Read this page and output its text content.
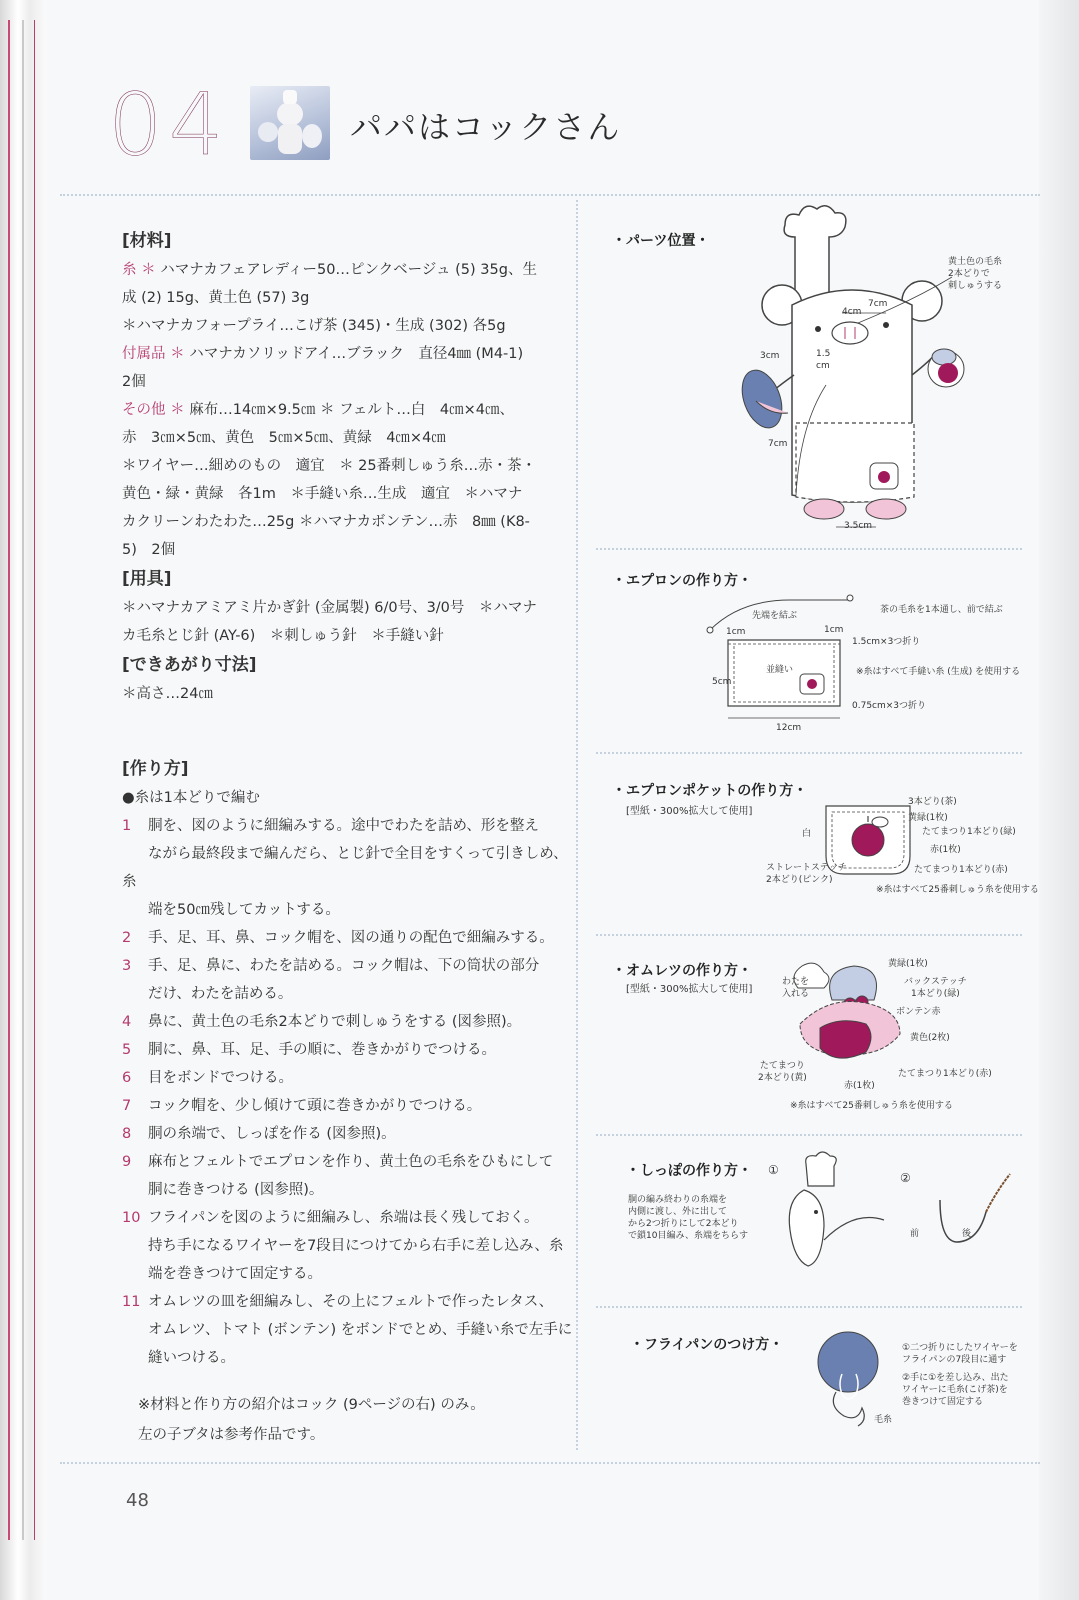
04	パパはコックさん
[材料]
糸 ＊ ハマナカフェアレディー50…ピンクベージュ (5) 35g、生
成 (2) 15g、黄土色 (57) 3g
＊ハマナカフォープライ…こげ茶 (345)・生成 (302) 各5g
付属品 ＊ ハマナカソリッドアイ…ブラック　直径4㎜ (M4-1)
2個
その他 ＊ 麻布…14㎝×9.5㎝ ＊ フェルト…白　4㎝×4㎝、
赤　3㎝×5㎝、黄色　5㎝×5㎝、黄緑　4㎝×4㎝
＊ワイヤー…細めのもの　適宜　＊ 25番刺しゅう糸…赤・茶・
黄色・緑・黄緑　各1m　＊手縫い糸…生成　適宜　＊ハマナ
カクリーンわたわた…25g ＊ハマナカボンテン…赤　8㎜ (K8-
5)　2個
[用具]
＊ハマナカアミアミ片かぎ針 (金属製) 6/0号、3/0号　＊ハマナ
カ毛糸とじ針 (AY-6)　＊刺しゅう針　＊手縫い針
[できあがり寸法]
＊高さ…24㎝
[作り方]
●糸は1本どりで編む
1 胴を、図のように細編みする。途中でわたを詰め、形を整え
ながら最終段まで編んだら、とじ針で全目をすくって引きしめ、糸
端を50㎝残してカットする。
2 手、足、耳、鼻、コック帽を、図の通りの配色で細編みする。
3 手、足、鼻に、わたを詰める。コック帽は、下の筒状の部分
だけ、わたを詰める。
4 鼻に、黄土色の毛糸2本どりで刺しゅうをする (図参照)。
5 胴に、鼻、耳、足、手の順に、巻きかがりでつける。
6 目をボンドでつける。
7 コック帽を、少し傾けて頭に巻きかがりでつける。
8 胴の糸端で、しっぽを作る (図参照)。
9 麻布とフェルトでエプロンを作り、黄土色の毛糸をひもにして
胴に巻きつける (図参照)。
10 フライパンを図のように細編みし、糸端は長く残しておく。
持ち手になるワイヤーを7段目につけてから右手に差し込み、糸
端を巻きつけて固定する。
11 オムレツの皿を細編みし、その上にフェルトで作ったレタス、
オムレツ、トマト (ボンテン) をボンドでとめ、手縫い糸で左手に
縫いつける。
※材料と作り方の紹介はコック (9ページの右) のみ。
左の子ブタは参考作品です。
48
・パーツ位置・
黄土色の毛糸
2本どりで
刺しゅうする
4cm
7cm
3cm	1.5
cm
7cm
3.5cm
・エプロンの作り方・
先端を結ぶ
茶の毛糸を1本通し、前で結ぶ
1cm	1cm
1.5cm×3つ折り
並縫い	※糸はすべて手縫い糸 (生成) を使用する
5cm
0.75cm×3つ折り
12cm
・エプロンポケットの作り方・
[型紙・300%拡大して使用]
3本どり(茶)
黄緑(1枚)
たてまつり1本どり(緑)
赤(1枚)
たてまつり1本どり(赤)
白
ストレートステッチ
2本どり(ピンク)
※糸はすべて25番刺しゅう糸を使用する
・オムレツの作り方・
[型紙・300%拡大して使用]
わたを
入れる
黄緑(1枚)
バックステッチ
1本どり(緑)
ボンテン赤
黄色(2枚)
たてまつり1本どり(赤)
たてまつり
2本どり(黄)
赤(1枚)
※糸はすべて25番刺しゅう糸を使用する
・しっぽの作り方・
胴の編み終わりの糸端を
内側に渡し、外に出して
から2つ折りにして2本どり
で鎖10目編み、糸端をちらす
①
②
前	後
・フライパンのつけ方・	①二つ折りにしたワイヤーを
フライパンの7段目に通す
②手に①を差し込み、出た
ワイヤーに毛糸(こげ茶)を
巻きつけて固定する
毛糸
